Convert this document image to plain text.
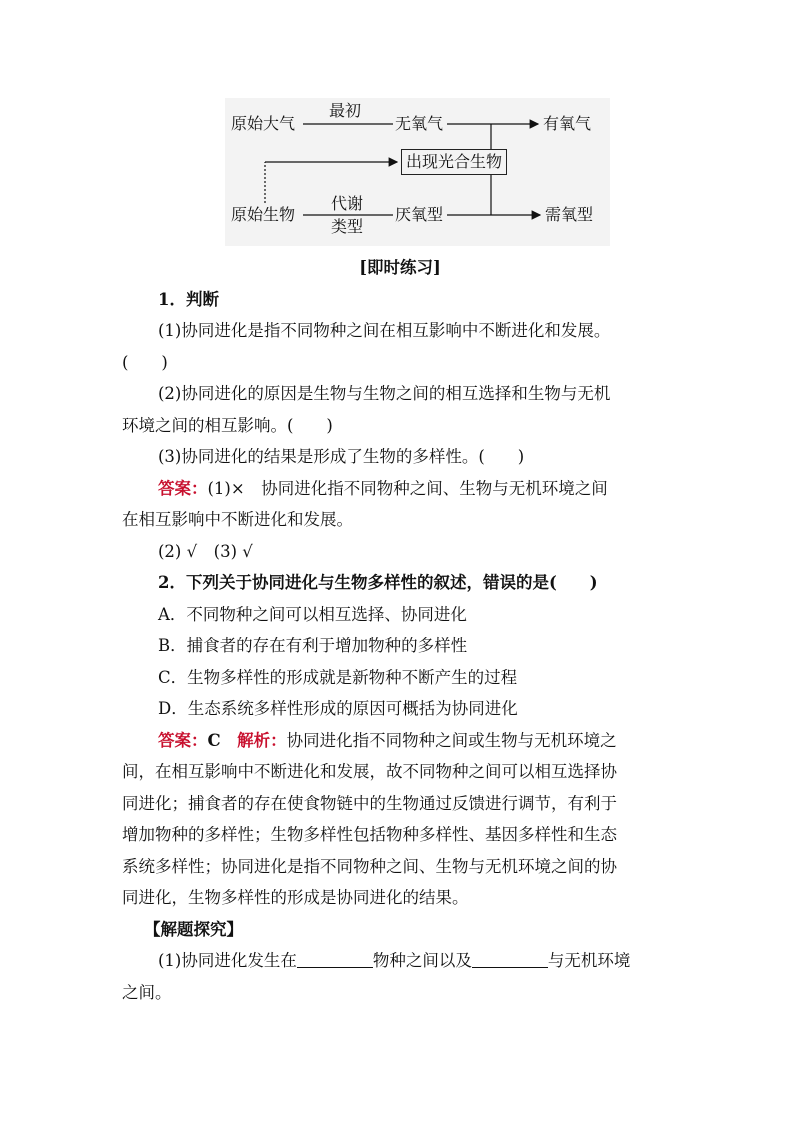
原始大气
最初
无氧气	有氧气
出现光合生物
原始生物
代谢
类型
厌氧型	需氧型
[即时练习]
1．判断
(1)协同进化是指不同物种之间在相互影响中不断进化和发展。
(　　)
(2)协同进化的原因是生物与生物之间的相互选择和生物与无机
环境之间的相互影响。(　　)
(3)协同进化的结果是形成了生物的多样性。(　　)
答案：(1)×　协同进化指不同物种之间、生物与无机环境之间
在相互影响中不断进化和发展。
(2) √　(3) √
2．下列关于协同进化与生物多样性的叙述，错误的是(　　)
A．不同物种之间可以相互选择、协同进化
B．捕食者的存在有利于增加物种的多样性
C．生物多样性的形成就是新物种不断产生的过程
D．生态系统多样性形成的原因可概括为协同进化
答案：C　解析：协同进化指不同物种之间或生物与无机环境之
间，在相互影响中不断进化和发展，故不同物种之间可以相互选择协
同进化；捕食者的存在使食物链中的生物通过反馈进行调节，有利于
增加物种的多样性；生物多样性包括物种多样性、基因多样性和生态
系统多样性；协同进化是指不同物种之间、生物与无机环境之间的协
同进化，生物多样性的形成是协同进化的结果。
【解题探究】
(1)协同进化发生在	物种之间以及	与无机环境
之间。
